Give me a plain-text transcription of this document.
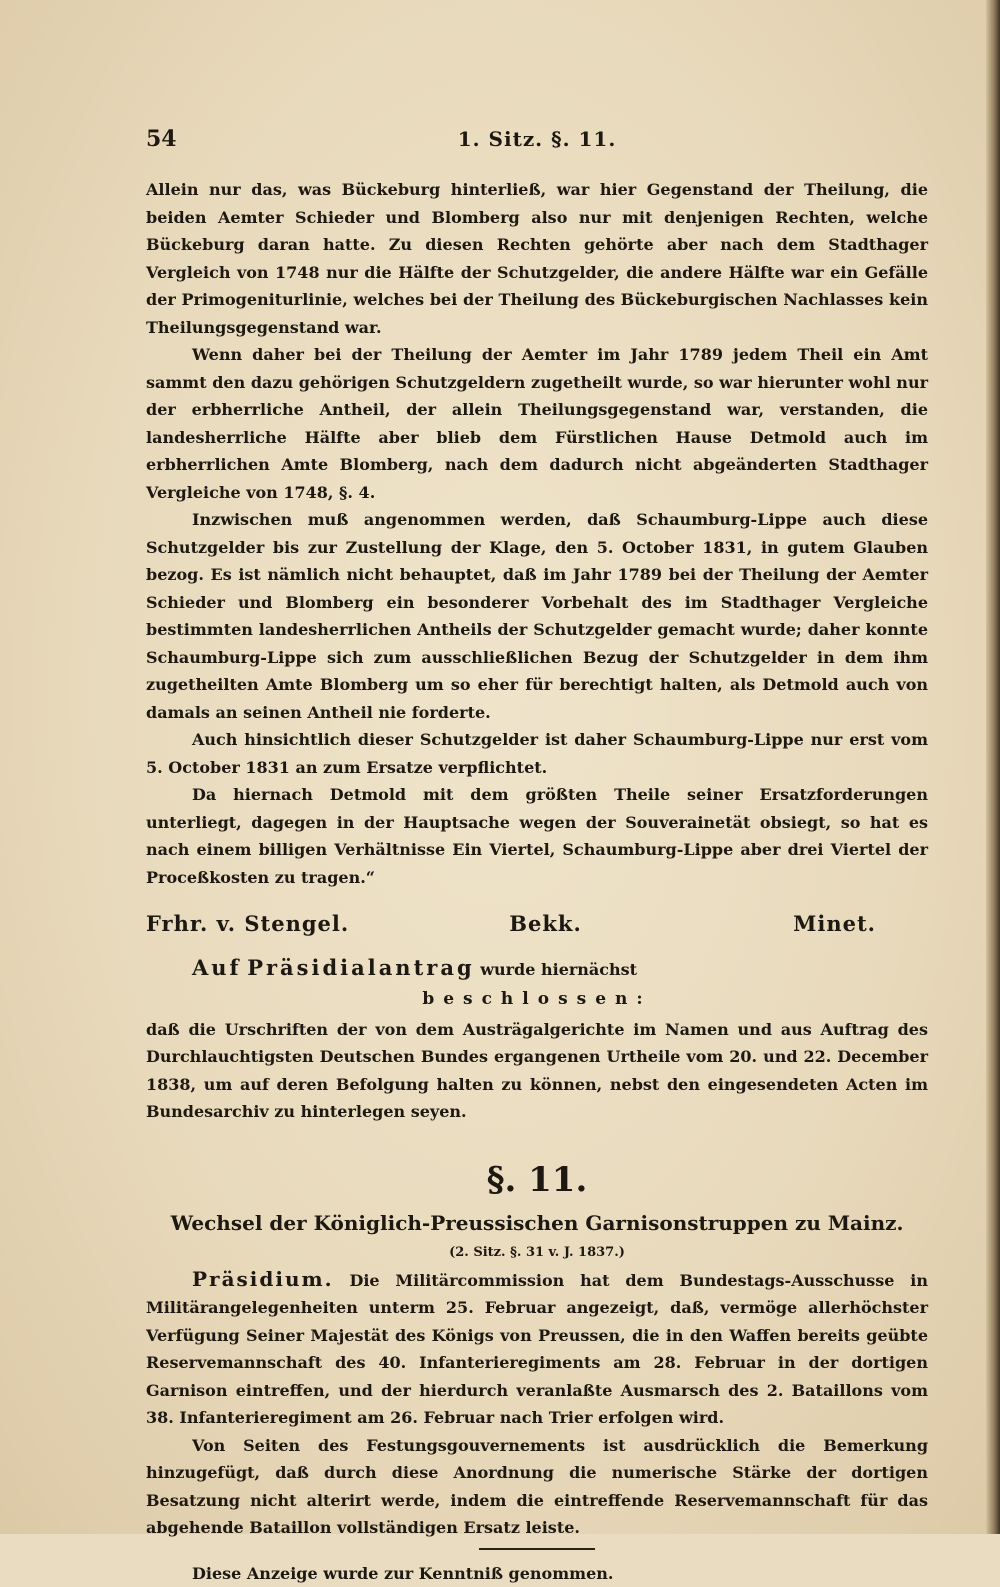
54	1. Sitz. §. 11.

Allein nur das, was Bückeburg hinterließ, war hier Gegenstand der Theilung, die beiden Aemter Schieder und Blomberg also nur mit denjenigen Rechten, welche Bückeburg daran hatte. Zu diesen Rechten gehörte aber nach dem Stadthager Vergleich von 1748 nur die Hälfte der Schutzgelder, die andere Hälfte war ein Gefälle der Primogeniturlinie, welches bei der Theilung des Bückeburgischen Nachlasses kein Theilungsgegenstand war.

Wenn daher bei der Theilung der Aemter im Jahr 1789 jedem Theil ein Amt sammt den dazu gehörigen Schutzgeldern zugetheilt wurde, so war hierunter wohl nur der erbherrliche Antheil, der allein Theilungsgegenstand war, verstanden, die landesherrliche Hälfte aber blieb dem Fürstlichen Hause Detmold auch im erbherrlichen Amte Blomberg, nach dem dadurch nicht abgeänderten Stadthager Vergleiche von 1748, §. 4.

Inzwischen muß angenommen werden, daß Schaumburg-Lippe auch diese Schutzgelder bis zur Zustellung der Klage, den 5. October 1831, in gutem Glauben bezog. Es ist nämlich nicht behauptet, daß im Jahr 1789 bei der Theilung der Aemter Schieder und Blomberg ein besonderer Vorbehalt des im Stadthager Vergleiche bestimmten landesherrlichen Antheils der Schutzgelder gemacht wurde; daher konnte Schaumburg-Lippe sich zum ausschließlichen Bezug der Schutzgelder in dem ihm zugetheilten Amte Blomberg um so eher für berechtigt halten, als Detmold auch von damals an seinen Antheil nie forderte.

Auch hinsichtlich dieser Schutzgelder ist daher Schaumburg-Lippe nur erst vom 5. October 1831 an zum Ersatze verpflichtet.

Da hiernach Detmold mit dem größten Theile seiner Ersatzforderungen unterliegt, dagegen in der Hauptsache wegen der Souverainetät obsiegt, so hat es nach einem billigen Verhältnisse Ein Viertel, Schaumburg-Lippe aber drei Viertel der Proceßkosten zu tragen.“

Frhr. v. Stengel.	Bekk.	Minet.
Auf Präsidialantrag wurde hiernächst
beschlossen:

daß die Urschriften der von dem Austrägalgerichte im Namen und aus Auftrag des Durchlauchtigsten Deutschen Bundes ergangenen Urtheile vom 20. und 22. December 1838, um auf deren Befolgung halten zu können, nebst den eingesendeten Acten im Bundesarchiv zu hinterlegen seyen.

§. 11.
Wechsel der Königlich-Preussischen Garnisonstruppen zu Mainz.
(2. Sitz. §. 31 v. J. 1837.)

Präsidium. Die Militärcommission hat dem Bundestags-Ausschusse in Militärangelegenheiten unterm 25. Februar angezeigt, daß, vermöge allerhöchster Verfügung Seiner Majestät des Königs von Preussen, die in den Waffen bereits geübte Reservemannschaft des 40. Infanterieregiments am 28. Februar in der dortigen Garnison eintreffen, und der hierdurch veranlaßte Ausmarsch des 2. Bataillons vom 38. Infanterieregiment am 26. Februar nach Trier erfolgen wird.

Von Seiten des Festungsgouvernements ist ausdrücklich die Bemerkung hinzugefügt, daß durch diese Anordnung die numerische Stärke der dortigen Besatzung nicht alterirt werde, indem die eintreffende Reservemannschaft für das abgehende Bataillon vollständigen Ersatz leiste.

Diese Anzeige wurde zur Kenntniß genommen.
